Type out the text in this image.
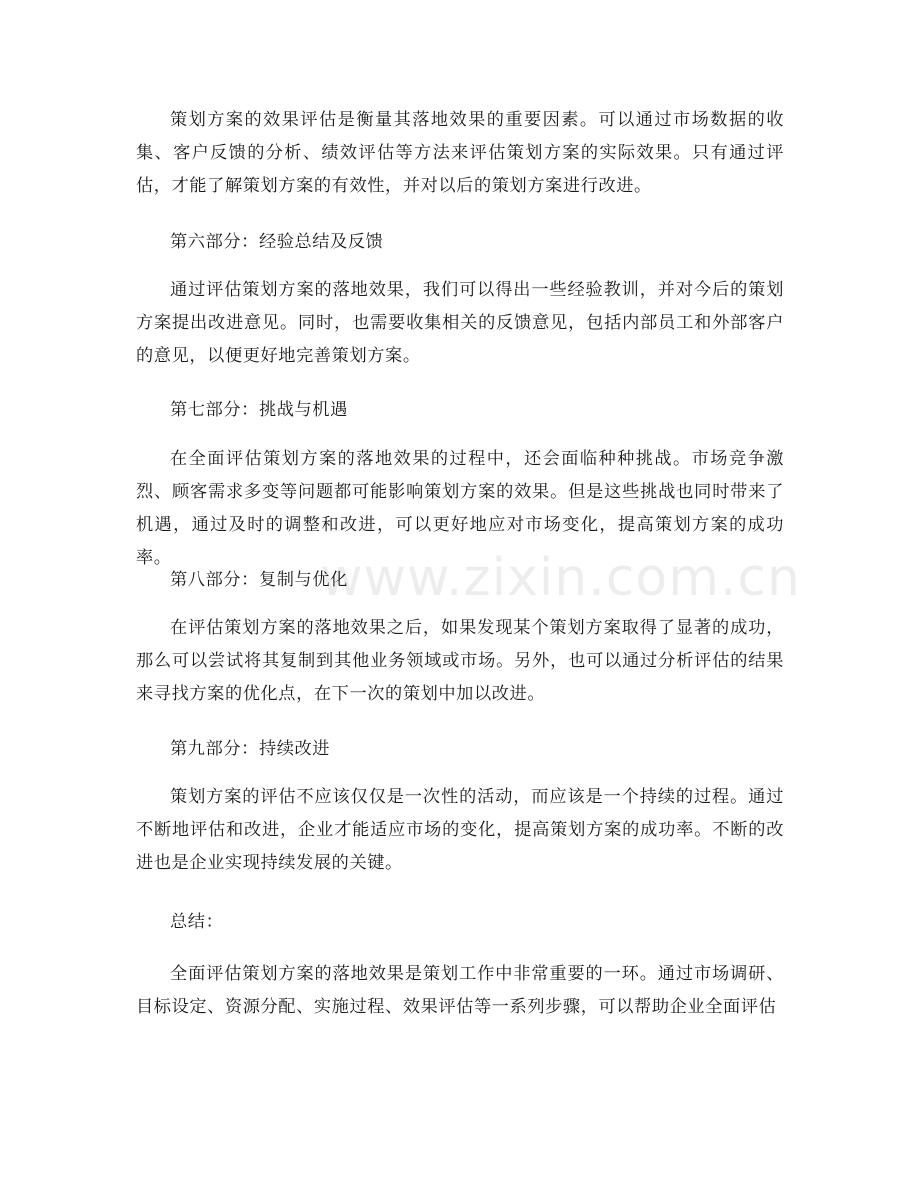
策划方案的效果评估是衡量其落地效果的重要因素。可以通过市场数据的收集、客户反馈的分析、绩效评估等方法来评估策划方案的实际效果。只有通过评估，才能了解策划方案的有效性，并对以后的策划方案进行改进。

第六部分：经验总结及反馈

通过评估策划方案的落地效果，我们可以得出一些经验教训，并对今后的策划方案提出改进意见。同时，也需要收集相关的反馈意见，包括内部员工和外部客户的意见，以便更好地完善策划方案。

第七部分：挑战与机遇

在全面评估策划方案的落地效果的过程中，还会面临种种挑战。市场竞争激烈、顾客需求多变等问题都可能影响策划方案的效果。但是这些挑战也同时带来了机遇，通过及时的调整和改进，可以更好地应对市场变化，提高策划方案的成功率。

第八部分：复制与优化

在评估策划方案的落地效果之后，如果发现某个策划方案取得了显著的成功，那么可以尝试将其复制到其他业务领域或市场。另外，也可以通过分析评估的结果来寻找方案的优化点，在下一次的策划中加以改进。

第九部分：持续改进

策划方案的评估不应该仅仅是一次性的活动，而应该是一个持续的过程。通过不断地评估和改进，企业才能适应市场的变化，提高策划方案的成功率。不断的改进也是企业实现持续发展的关键。

总结：

全面评估策划方案的落地效果是策划工作中非常重要的一环。通过市场调研、目标设定、资源分配、实施过程、效果评估等一系列步骤，可以帮助企业全面评估

www.zixin.com.cn
